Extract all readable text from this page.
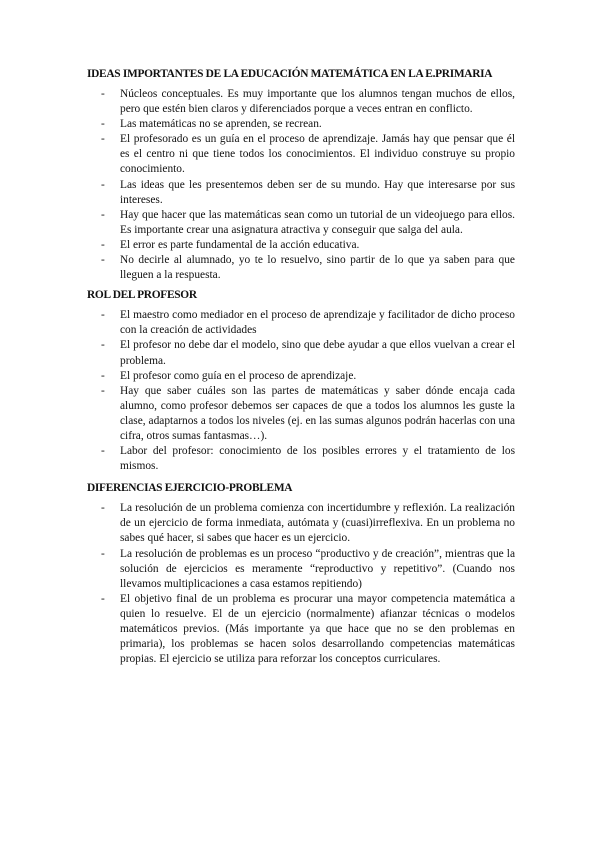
IDEAS IMPORTANTES DE LA EDUCACIÓN MATEMÁTICA EN LA E.PRIMARIA
- Núcleos conceptuales. Es muy importante que los alumnos tengan muchos de ellos, pero que estén bien claros y diferenciados porque a veces entran en conflicto.
- Las matemáticas no se aprenden, se recrean.
- El profesorado es un guía en el proceso de aprendizaje. Jamás hay que pensar que él es el centro ni que tiene todos los conocimientos. El individuo construye su propio conocimiento.
- Las ideas que les presentemos deben ser de su mundo. Hay que interesarse por sus intereses.
- Hay que hacer que las matemáticas sean como un tutorial de un videojuego para ellos. Es importante crear una asignatura atractiva y conseguir que salga del aula.
- El error es parte fundamental de la acción educativa.
- No decirle al alumnado, yo te lo resuelvo, sino partir de lo que ya saben para que lleguen a la respuesta.
ROL DEL PROFESOR
- El maestro como mediador en el proceso de aprendizaje y facilitador de dicho proceso con la creación de actividades
- El profesor no debe dar el modelo, sino que debe ayudar a que ellos vuelvan a crear el problema.
- El profesor como guía en el proceso de aprendizaje.
- Hay que saber cuáles son las partes de matemáticas y saber dónde encaja cada alumno, como profesor debemos ser capaces de que a todos los alumnos les guste la clase, adaptarnos a todos los niveles (ej. en las sumas algunos podrán hacerlas con una cifra, otros sumas fantasmas…).
- Labor del profesor: conocimiento de los posibles errores y el tratamiento de los mismos.
DIFERENCIAS EJERCICIO-PROBLEMA
- La resolución de un problema comienza con incertidumbre y reflexión. La realización de un ejercicio de forma inmediata, autómata y (cuasi)irreflexiva. En un problema no sabes qué hacer, si sabes que hacer es un ejercicio.
- La resolución de problemas es un proceso “productivo y de creación”, mientras que la solución de ejercicios es meramente “reproductivo y repetitivo”. (Cuando nos llevamos multiplicaciones a casa estamos repitiendo)
- El objetivo final de un problema es procurar una mayor competencia matemática a quien lo resuelve. El de un ejercicio (normalmente) afianzar técnicas o modelos matemáticos previos. (Más importante ya que hace que no se den problemas en primaria), los problemas se hacen solos desarrollando competencias matemáticas propias. El ejercicio se utiliza para reforzar los conceptos curriculares.
